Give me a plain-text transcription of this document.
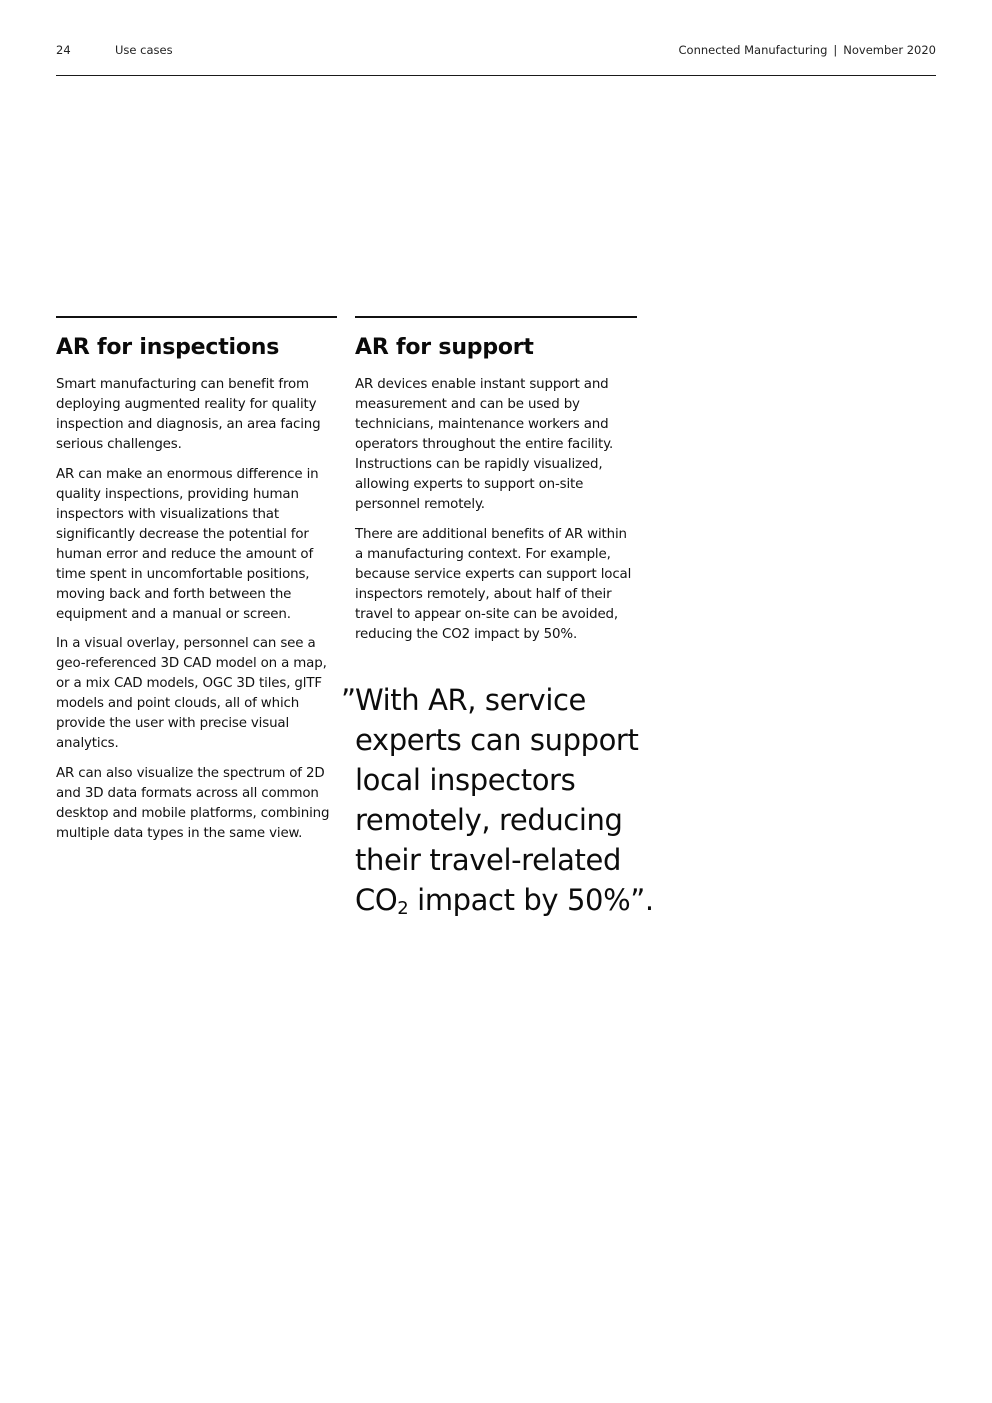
24	Use cases	Connected Manufacturing | November 2020
AR for inspections

Smart manufacturing can benefit from deploying augmented reality for quality inspection and diagnosis, an area facing serious challenges.

AR can make an enormous difference in quality inspections, providing human inspectors with visualizations that significantly decrease the potential for human error and reduce the amount of time spent in uncomfortable positions, moving back and forth between the equipment and a manual or screen.

In a visual overlay, personnel can see a geo-referenced 3D CAD model on a map, or a mix CAD models, OGC 3D tiles, glTF models and point clouds, all of which provide the user with precise visual analytics.

AR can also visualize the spectrum of 2D and 3D data formats across all common desktop and mobile platforms, combining multiple data types in the same view.

AR for support

AR devices enable instant support and measurement and can be used by technicians, maintenance workers and operators throughout the entire facility. Instructions can be rapidly visualized, allowing experts to support on-site personnel remotely.

There are additional benefits of AR within a manufacturing context. For example, because service experts can support local inspectors remotely, about half of their travel to appear on-site can be avoided, reducing the CO2 impact by 50%.

” With AR, service
experts can support
local inspectors
remotely, reducing
their travel-related
$CO_2$ impact by 50%”.
